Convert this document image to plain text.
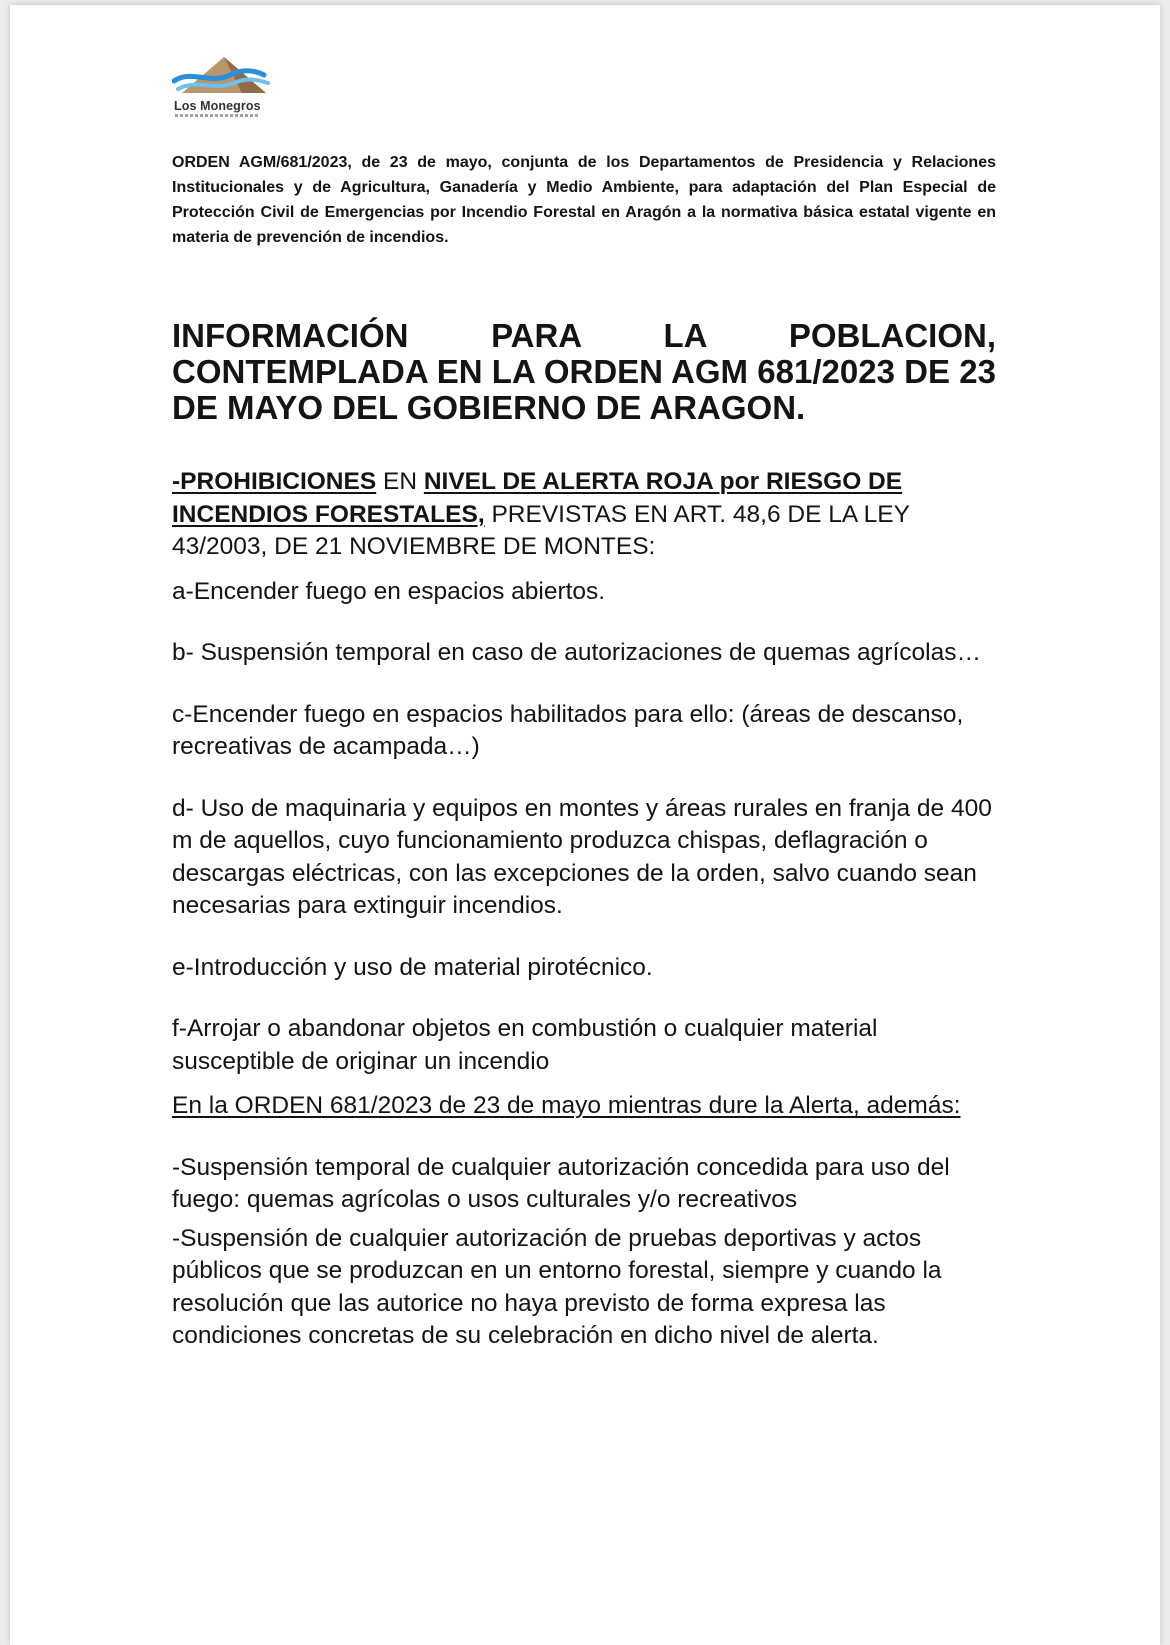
Los Monegros
ORDEN AGM/681/2023, de 23 de mayo, conjunta de los Departamentos de Presidencia y Relaciones Institucionales y de Agricultura, Ganadería y Medio Ambiente, para adaptación del Plan Especial de Protección Civil de Emergencias por Incendio Forestal en Aragón a la normativa básica estatal vigente en materia de prevención de incendios.
INFORMACIÓN PARA LA POBLACION, CONTEMPLADA EN LA ORDEN AGM 681/2023 DE 23 DE MAYO DEL GOBIERNO DE ARAGON.

-PROHIBICIONES EN NIVEL DE ALERTA ROJA por RIESGO DE INCENDIOS FORESTALES, PREVISTAS EN ART. 48,6 DE LA LEY 43/2003, DE 21 NOVIEMBRE DE MONTES:

a-Encender fuego en espacios abiertos.

b- Suspensión temporal en caso de autorizaciones de quemas agrícolas…

c-Encender fuego en espacios habilitados para ello: (áreas de descanso, recreativas de acampada…)

d- Uso de maquinaria y equipos en montes y áreas rurales en franja de 400 m de aquellos, cuyo funcionamiento produzca chispas, deflagración o descargas eléctricas, con las excepciones de la orden, salvo cuando sean necesarias para extinguir incendios.

e-Introducción y uso de material pirotécnico.

f-Arrojar o abandonar objetos en combustión o cualquier material susceptible de originar un incendio

En la ORDEN 681/2023 de 23 de mayo mientras dure la Alerta, además:

-Suspensión temporal de cualquier autorización concedida para uso del fuego: quemas agrícolas o usos culturales y/o recreativos

-Suspensión de cualquier autorización de pruebas deportivas y actos públicos que se produzcan en un entorno forestal, siempre y cuando la resolución que las autorice no haya previsto de forma expresa las condiciones concretas de su celebración en dicho nivel de alerta.
